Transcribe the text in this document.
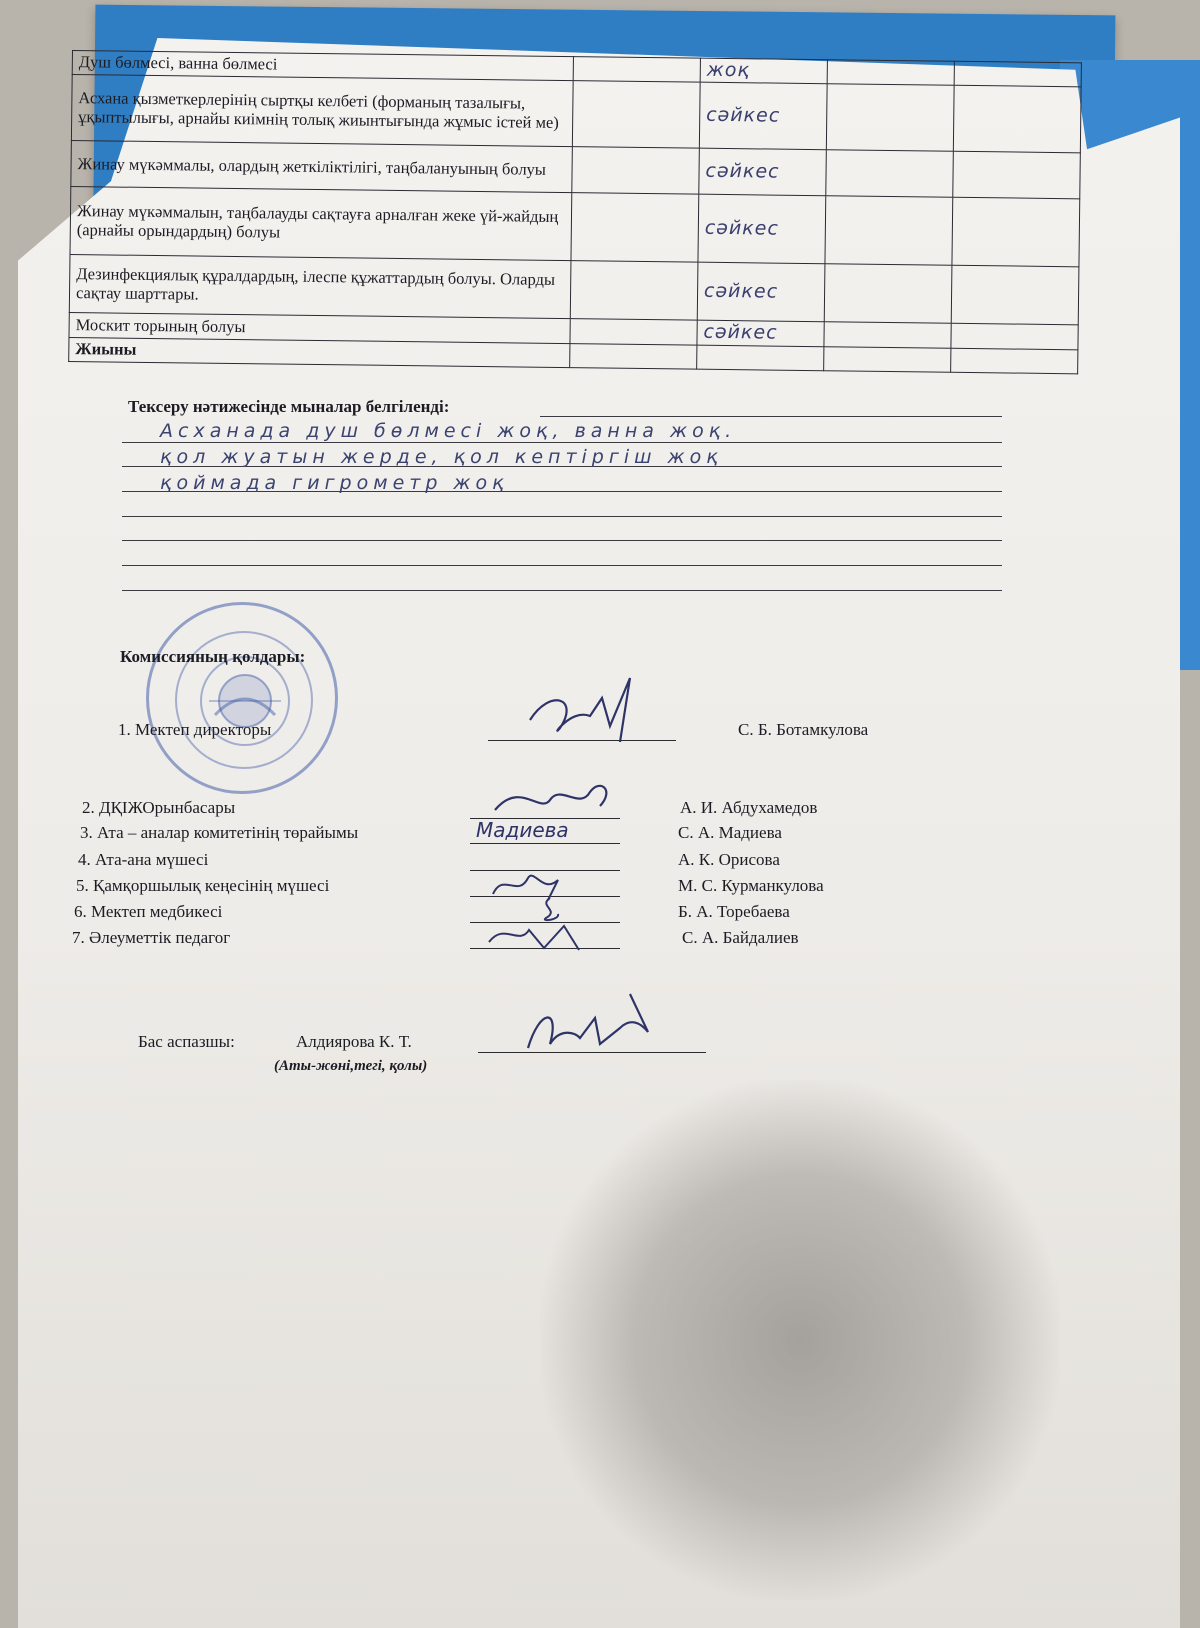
Душ бөлмесі, ванна бөлмесі		жоқ		
Асхана қызметкерлерінің сыртқы келбеті (форманың тазалығы, ұқыптылығы, арнайы киімнің толық жиынтығында жұмыс істей ме)		сәйкес		
Жинау мүкәммалы, олардың жеткіліктілігі, таңбалануының болуы		сәйкес		
Жинау мүкәммалын, таңбалауды сақтауға арналған жеке үй-жайдың (арнайы орындардың) болуы		сәйкес		
Дезинфекциялық құралдардың, ілеспе құжаттардың болуы. Оларды сақтау шарттары.		сәйкес		
Москит торының болуы		сәйкес		
Жиыны				
Тексеру нәтижесінде мыналар белгіленді:
Асханада душ бөлмесі жоқ, ванна жоқ.
қол жуатын жерде, қол кептіргіш жоқ
қоймада гигрометр жоқ
Комиссияның қолдары:
1. Мектеп директоры	С. Б. Ботамкулова
2. ДҚІЖОрынбасары	А. И. Абдухамедов
3. Ата – аналар комитетінің төрайымы	Мадиева	С. А. Мадиева
4. Ата-ана мүшесі	А. К. Орисова
5. Қамқоршылық кеңесінің мүшесі	М. С. Курманкулова
6. Мектеп медбикесі	Б. А. Торебаева
7. Әлеуметтік педагог	С. А. Байдалиев
Бас аспазшы:	Алдиярова К. Т.
(Аты-жөні,тегі, қолы)
